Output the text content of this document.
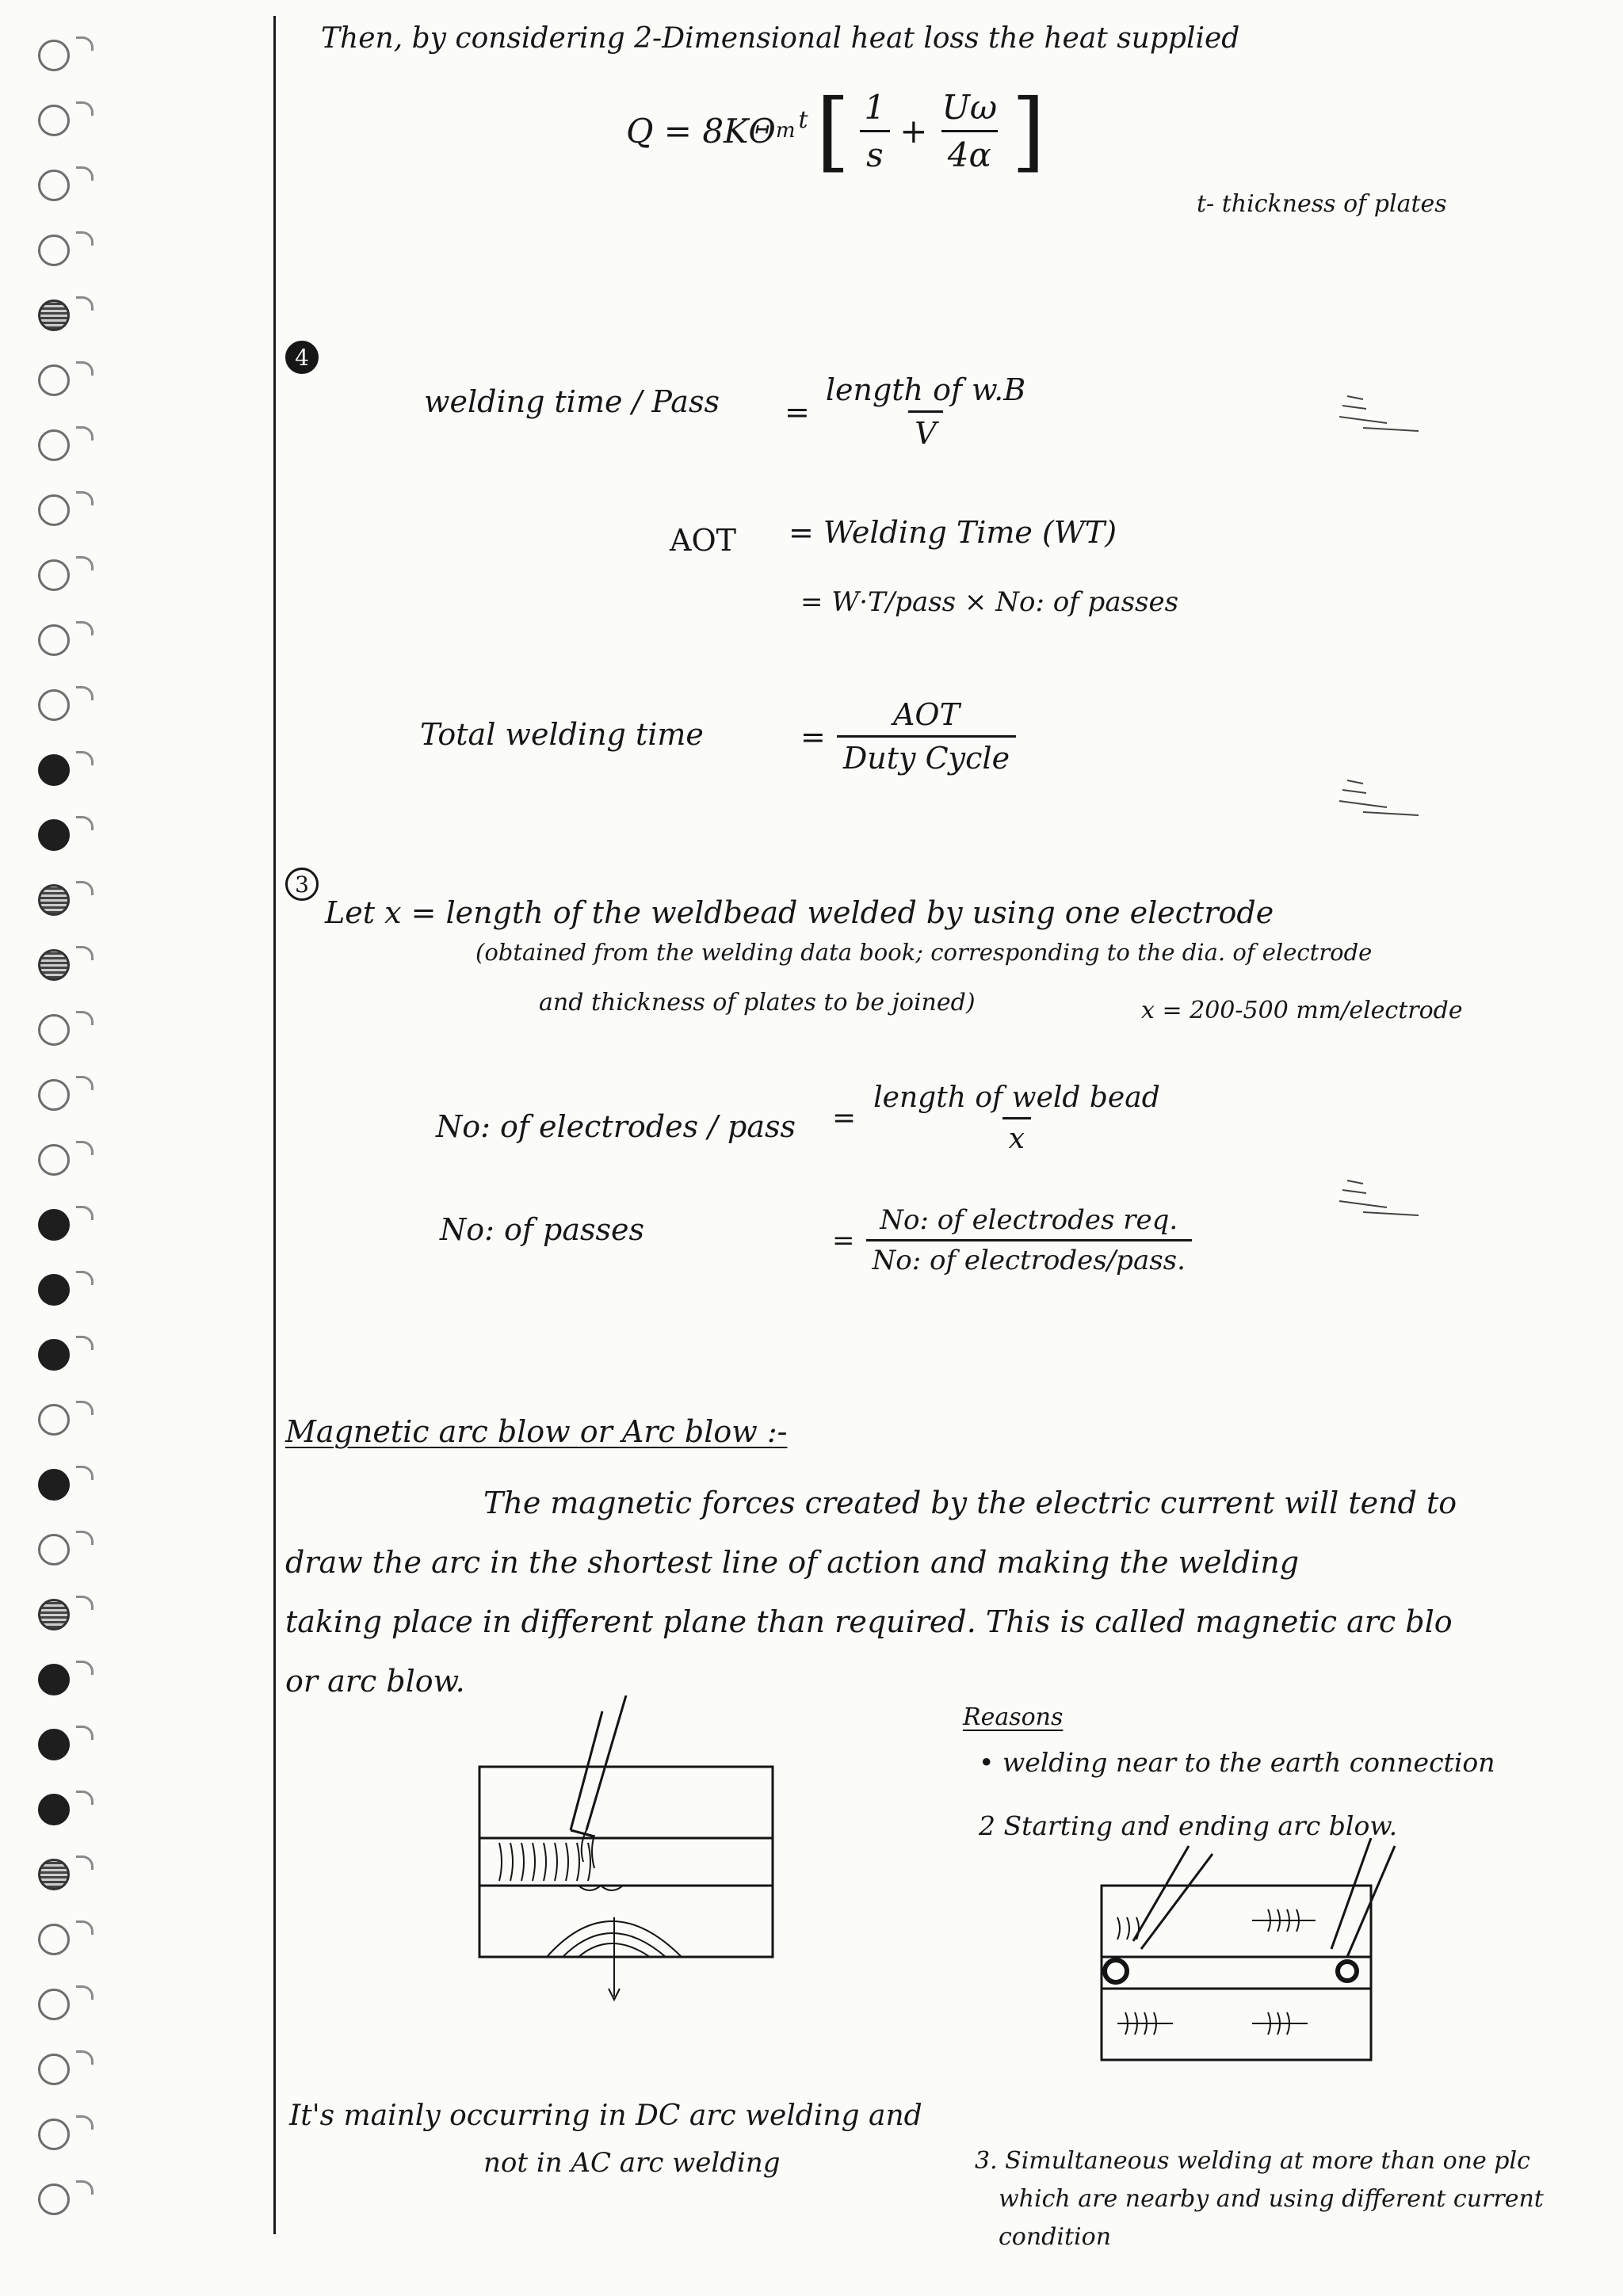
Then, by considering 2-Dimensional heat loss the heat supplied
Q = 8KΘ m t [ $\frac{1}{s} + \frac{U\omega}{4\alpha}$ ]
t- thickness of plates
4
welding time / Pass = $\frac{\text{length of w.B}}{V}$
AOT = Welding Time (WT)
= W·T/pass × No: of passes
Total welding time	= $\frac{\text{AOT}}{\text{Duty Cycle}}$
3
Let x = length of the weldbead welded by using one electrode
(obtained from the welding data book; corresponding to the dia. of electrode
and thickness of plates to be joined)	x = 200-500 mm/electrode
No: of electrodes / pass = $\frac{\text{length of weld bead}}{x}$
No: of passes	= $\frac{\text{No: of electrodes req.}}{\text{No: of electrodes/pass.}}$
Magnetic arc blow or Arc blow :-
The magnetic forces created by the electric current will tend to
draw the arc in the shortest line of action and making the welding
taking place in different plane than required. This is called magnetic arc blo
or arc blow.
Reasons
• welding near to the earth connection
2 Starting and ending arc blow.
It's mainly occurring in DC arc welding and
not in AC arc welding	3. Simultaneous welding at more than one plc
which are nearby and using different current
condition
